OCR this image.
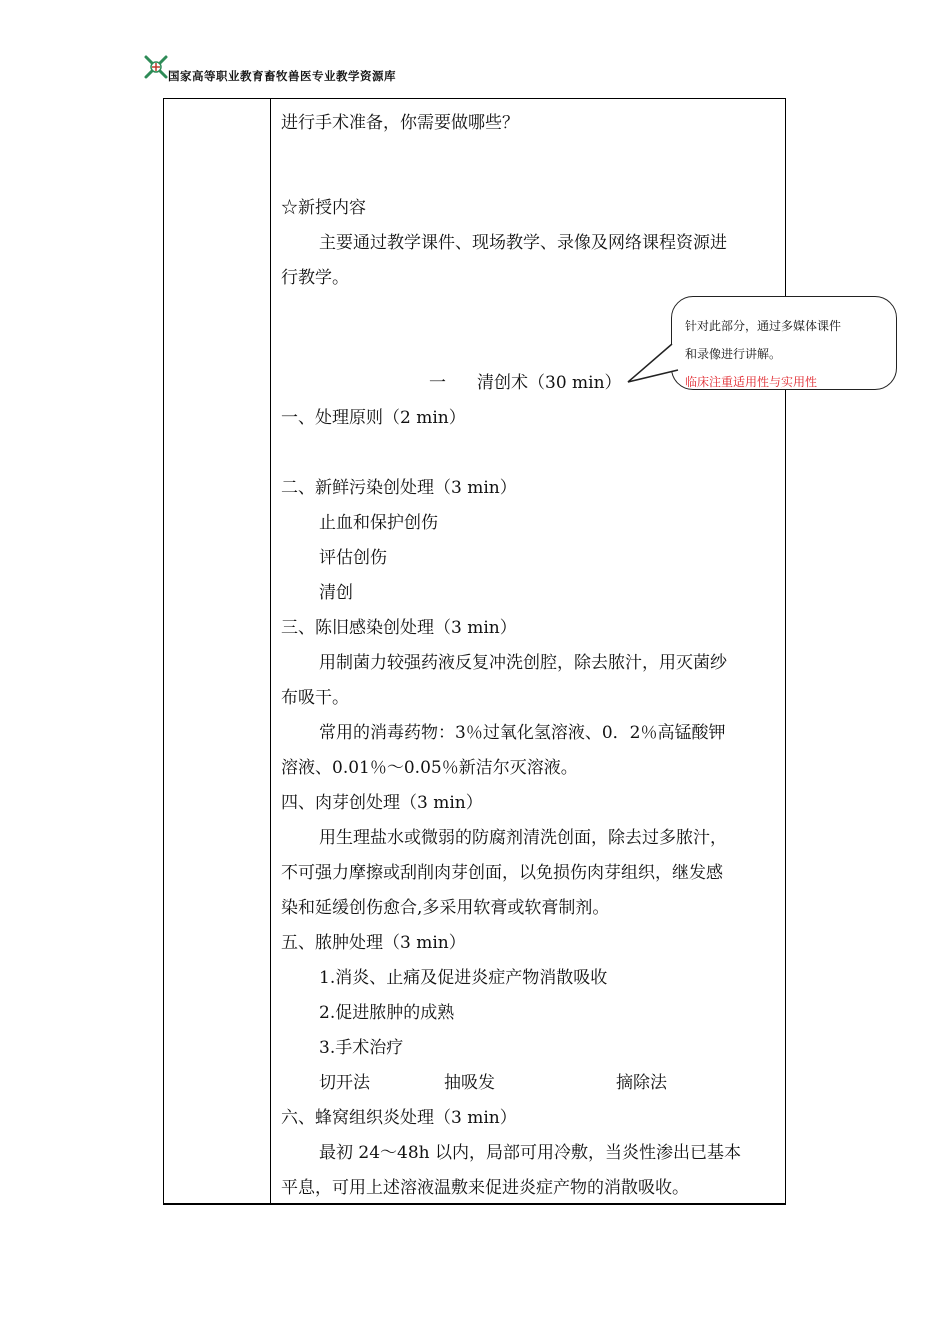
国家高等职业教育畜牧兽医专业教学资源库
进行手术准备，你需要做哪些？
☆新授内容
主要通过教学课件、现场教学、录像及网络课程资源进
行教学。
一 清创术（30 min）
一、处理原则（2 min）
二、新鲜污染创处理（3 min）
止血和保护创伤
评估创伤
清创
三、陈旧感染创处理（3 min）
用制菌力较强药液反复冲洗创腔，除去脓汁，用灭菌纱
布吸干。
常用的消毒药物：3％过氧化氢溶液、0．2％高锰酸钾
溶液、0.01％～0.05％新洁尔灭溶液。
四、肉芽创处理（3 min）
用生理盐水或微弱的防腐剂清洗创面，除去过多脓汁，
不可强力摩擦或刮削肉芽创面，以免损伤肉芽组织，继发感
染和延缓创伤愈合,多采用软膏或软膏制剂。
五、脓肿处理（3 min）
1.消炎、止痛及促进炎症产物消散吸收
2.促进脓肿的成熟
3.手术治疗
切开法	抽吸发	摘除法
六、蜂窝组织炎处理（3 min）
最初 24～48h 以内，局部可用冷敷，当炎性渗出已基本
平息，可用上述溶液温敷来促进炎症产物的消散吸收。
针对此部分，通过多媒体课件
和录像进行讲解。
临床注重适用性与实用性
